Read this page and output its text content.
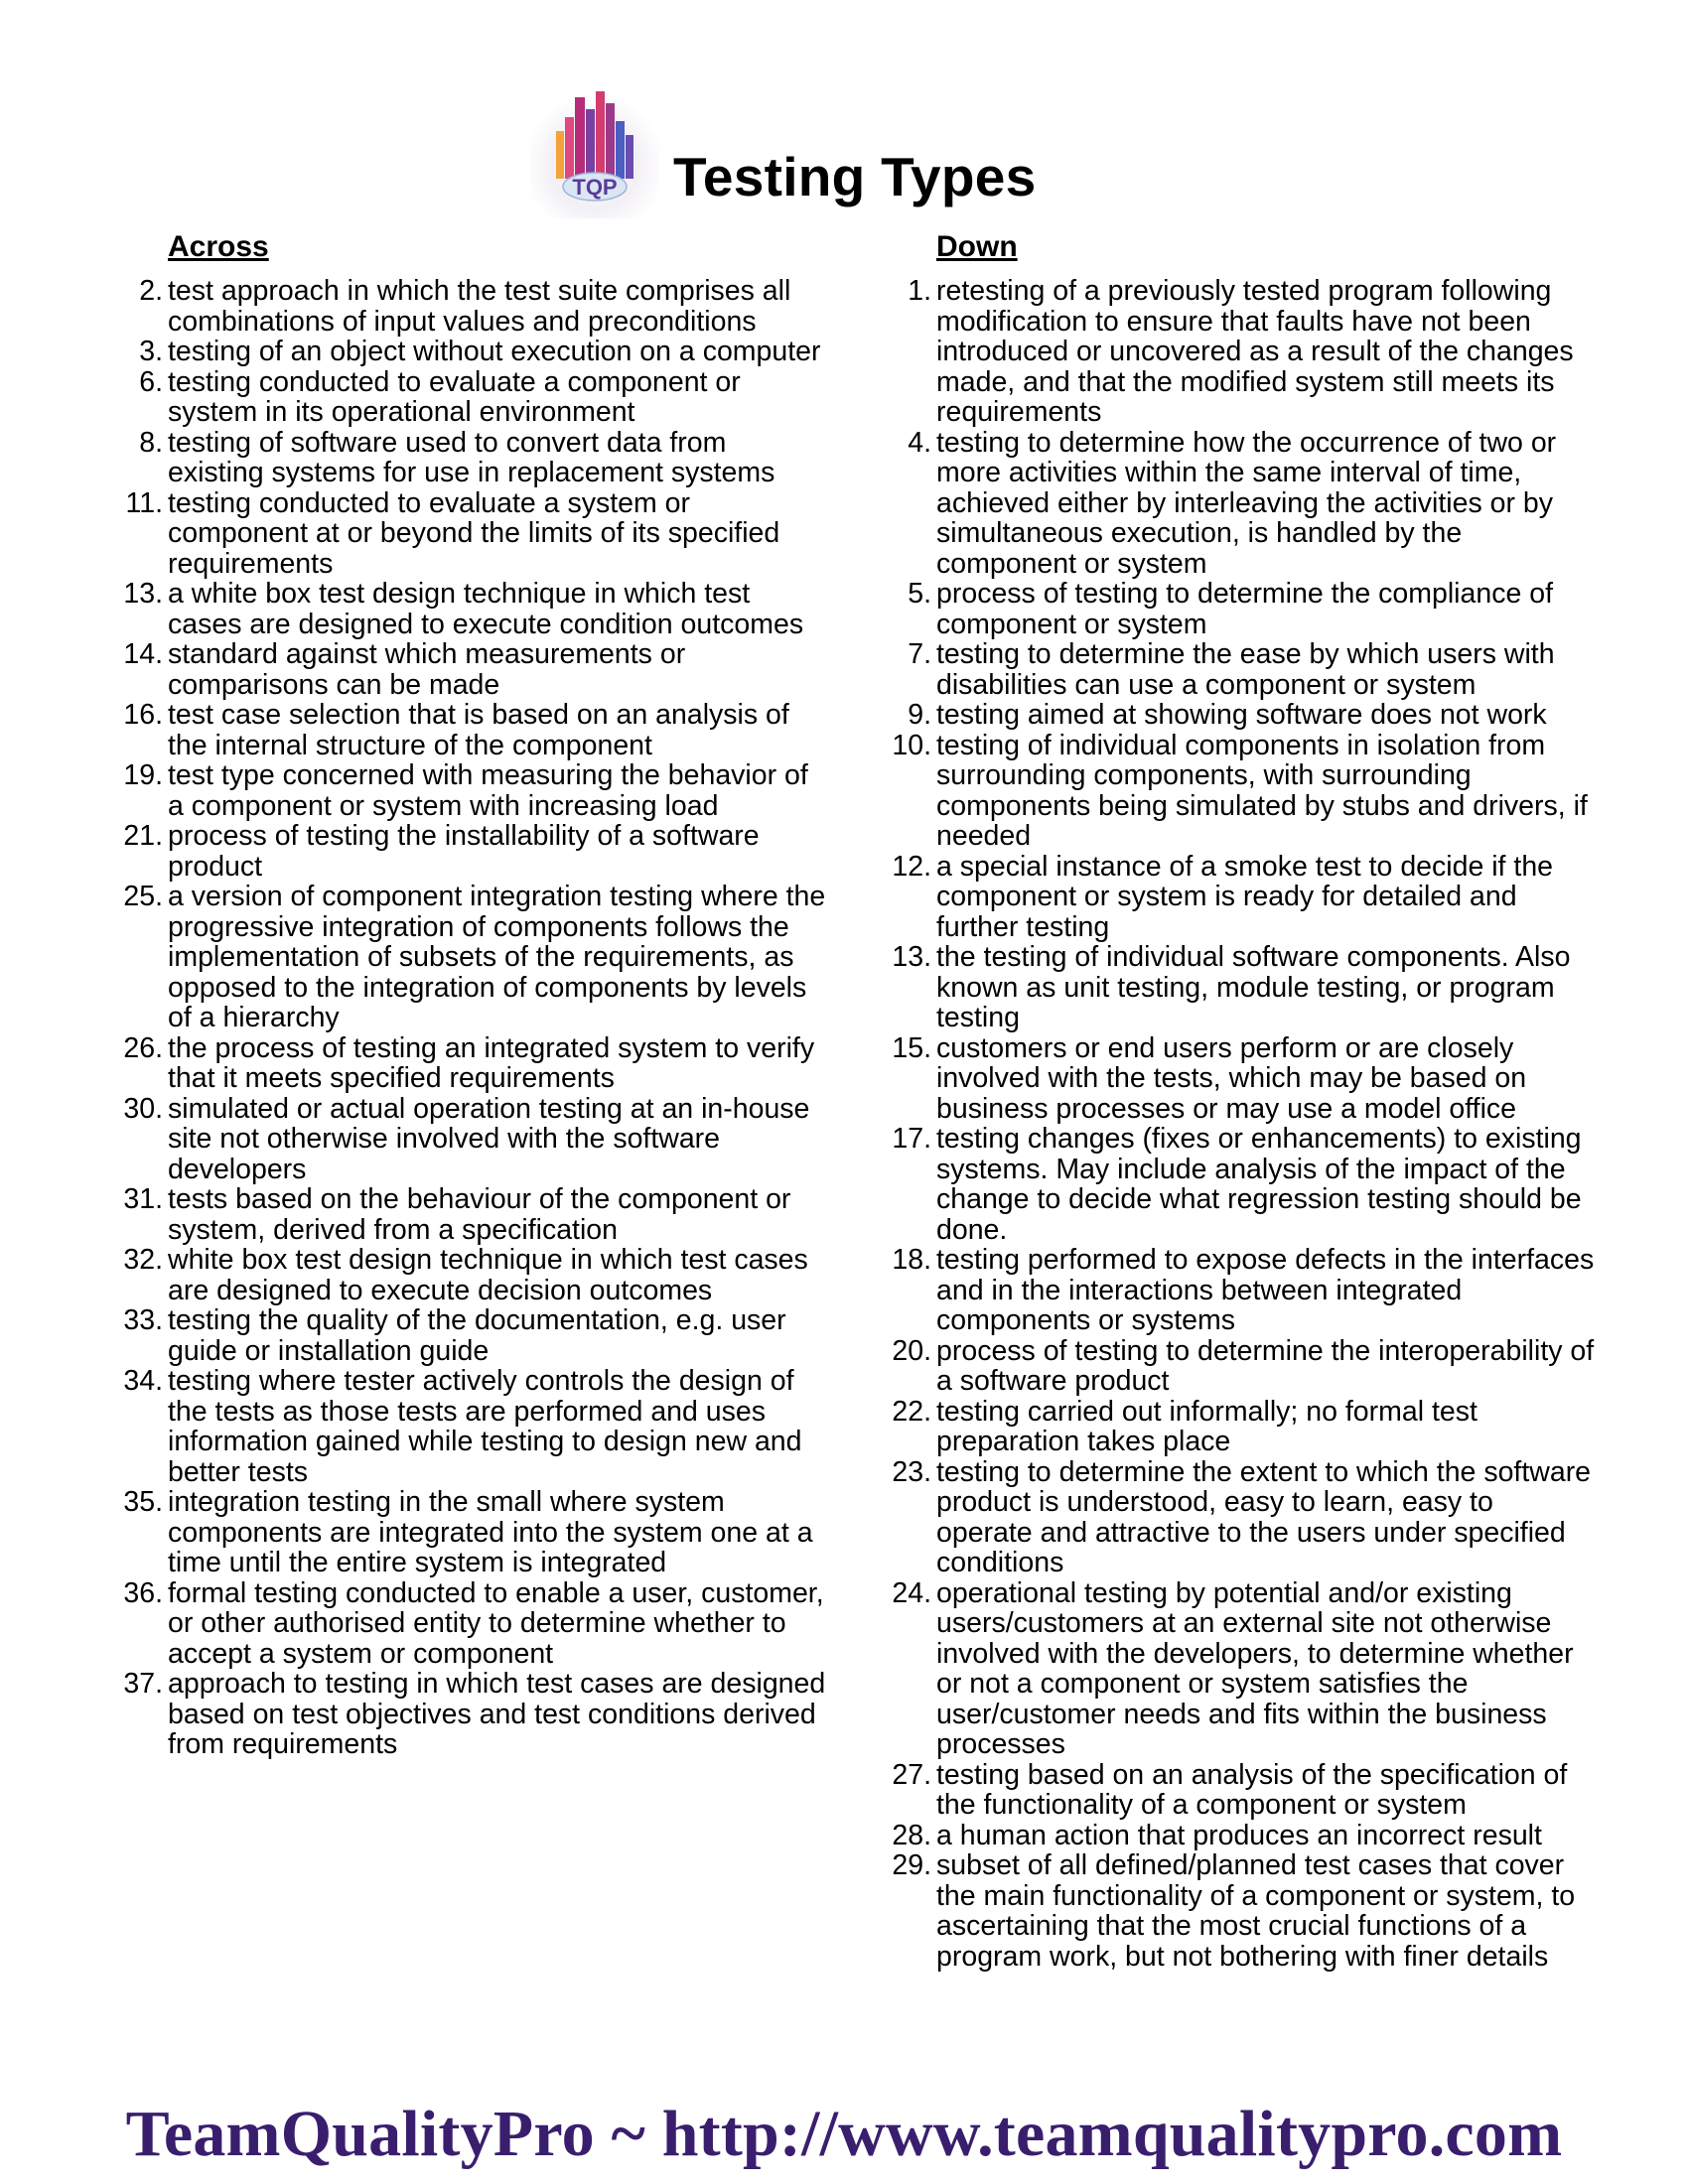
TQP Testing Types
Across
2. test approach in which the test suite comprises all combinations of input values and preconditions
3. testing of an object without execution on a computer
6. testing conducted to evaluate a component or system in its operational environment
8. testing of software used to convert data from existing systems for use in replacement systems
11. testing conducted to evaluate a system or component at or beyond the limits of its specified requirements
13. a white box test design technique in which test cases are designed to execute condition outcomes
14. standard against which measurements or comparisons can be made
16. test case selection that is based on an analysis of the internal structure of the component
19. test type concerned with measuring the behavior of a component or system with increasing load
21. process of testing the installability of a software product
25. a version of component integration testing where the progressive integration of components follows the implementation of subsets of the requirements, as opposed to the integration of components by levels of a hierarchy
26. the process of testing an integrated system to verify that it meets specified requirements
30. simulated or actual operation testing at an in-house site not otherwise involved with the software developers
31. tests based on the behaviour of the component or system, derived from a specification
32. white box test design technique in which test cases are designed to execute decision outcomes
33. testing the quality of the documentation, e.g. user guide or installation guide
34. testing where tester actively controls the design of the tests as those tests are performed and uses information gained while testing to design new and better tests
35. integration testing in the small where system components are integrated into the system one at a time until the entire system is integrated
36. formal testing conducted to enable a user, customer, or other authorised entity to determine whether to accept a system or component
37. approach to testing in which test cases are designed based on test objectives and test conditions derived from requirements
Down
1. retesting of a previously tested program following modification to ensure that faults have not been introduced or uncovered as a result of the changes made, and that the modified system still meets its requirements
4. testing to determine how the occurrence of two or more activities within the same interval of time, achieved either by interleaving the activities or by simultaneous execution, is handled by the component or system
5. process of testing to determine the compliance of component or system
7. testing to determine the ease by which users with disabilities can use a component or system
9. testing aimed at showing software does not work
10. testing of individual components in isolation from surrounding components, with surrounding components being simulated by stubs and drivers, if needed
12. a special instance of a smoke test to decide if the component or system is ready for detailed and further testing
13. the testing of individual software components. Also known as unit testing, module testing, or program testing
15. customers or end users perform or are closely involved with the tests, which may be based on business processes or may use a model office
17. testing changes (fixes or enhancements) to existing systems. May include analysis of the impact of the change to decide what regression testing should be done.
18. testing performed to expose defects in the interfaces and in the interactions between integrated components or systems
20. process of testing to determine the interoperability of a software product
22. testing carried out informally; no formal test preparation takes place
23. testing to determine the extent to which the software product is understood, easy to learn, easy to operate and attractive to the users under specified conditions
24. operational testing by potential and/or existing users/customers at an external site not otherwise involved with the developers, to determine whether or not a component or system satisfies the user/customer needs and fits within the business processes
27. testing based on an analysis of the specification of the functionality of a component or system
28. a human action that produces an incorrect result
29. subset of all defined/planned test cases that cover the main functionality of a component or system, to ascertaining that the most crucial functions of a program work, but not bothering with finer details
TeamQualityPro ~ http://www.teamqualitypro.com
